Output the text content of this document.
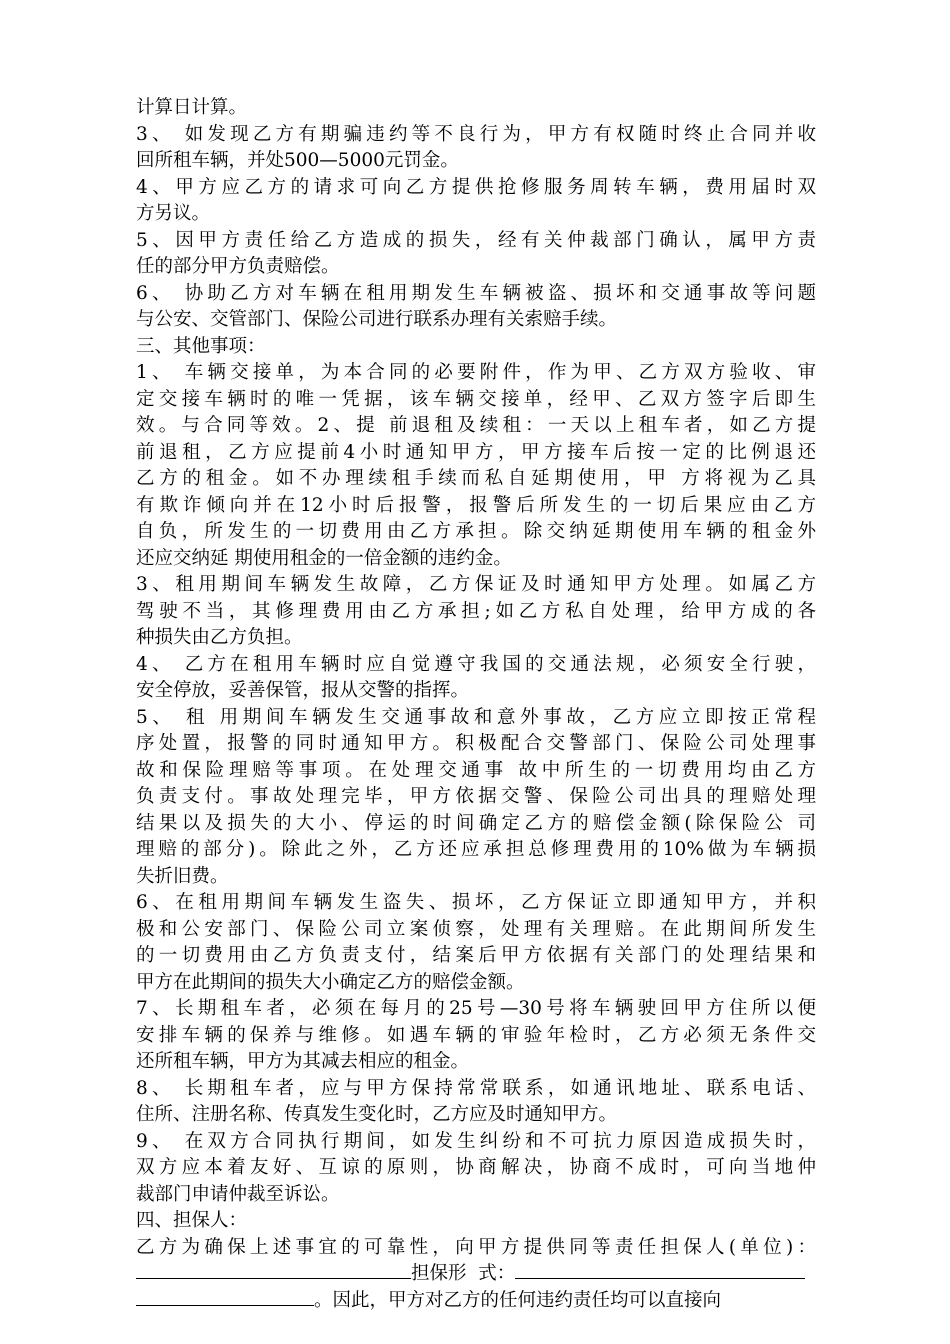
计算日计算。
3、 如发现乙方有期骗违约等不良行为，甲方有权随时终止合同并收
回所租车辆，并处500—5000元罚金。
4、甲方应乙方的请求可向乙方提供抢修服务周转车辆，费用届时双
方另议。
5、因甲方责任给乙方造成的损失，经有关仲裁部门确认，属甲方责
任的部分甲方负责赔偿。
6、 协助乙方对车辆在租用期发生车辆被盗、损坏和交通事故等问题
与公安、交管部门、保险公司进行联系办理有关索赔手续。
三、其他事项：
1、 车辆交接单，为本合同的必要附件，作为甲、乙方双方验收、审
定交接车辆时的唯一凭据，该车辆交接单，经甲、乙双方签字后即生
效。与合同等效。2、提 前退租及续租：一天以上租车者，如乙方提
前退租，乙方应提前4小时通知甲方，甲方接车后按一定的比例退还
乙方的租金。如不办理续租手续而私自延期使用，甲 方将视为乙具
有欺诈倾向并在12小时后报警，报警后所发生的一切后果应由乙方
自负，所发生的一切费用由乙方承担。除交纳延期使用车辆的租金外
还应交纳延 期使用租金的一倍金额的违约金。
3、租用期间车辆发生故障，乙方保证及时通知甲方处理。如属乙方
驾驶不当，其修理费用由乙方承担;如乙方私自处理，给甲方成的各
种损失由乙方负担。
4、 乙方在租用车辆时应自觉遵守我国的交通法规，必须安全行驶，
安全停放，妥善保管，报从交警的指挥。
5、 租 用期间车辆发生交通事故和意外事故，乙方应立即按正常程
序处置，报警的同时通知甲方。积极配合交警部门、保险公司处理事
故和保险理赔等事项。在处理交通事 故中所生的一切费用均由乙方
负责支付。事故处理完毕，甲方依据交警、保险公司出具的理赔处理
结果以及损失的大小、停运的时间确定乙方的赔偿金额(除保险公 司
理赔的部分)。除此之外，乙方还应承担总修理费用的10%做为车辆损
失折旧费。
6、在租用期间车辆发生盗失、损坏，乙方保证立即通知甲方，并积
极和公安部门、保险公司立案侦察，处理有关理赔。在此期间所发生
的一切费用由乙方负责支付，结案后甲方依据有关部门的处理结果和
甲方在此期间的损失大小确定乙方的赔偿金额。
7、长期租车者，必须在每月的25号—30号将车辆驶回甲方住所以便
安排车辆的保养与维修。如遇车辆的审验年检时，乙方必须无条件交
还所租车辆，甲方为其减去相应的租金。
8、 长期租车者，应与甲方保持常常联系，如通讯地址、联系电话、
住所、注册名称、传真发生变化时，乙方应及时通知甲方。
9、 在双方合同执行期间，如发生纠纷和不可抗力原因造成损失时，
双方应本着友好、互谅的原则，协商解决，协商不成时，可向当地仲
裁部门申请仲裁至诉讼。
四、担保人：
乙方为确保上述事宜的可靠性，向甲方提供同等责任担保人(单位)：
担保形  式：
。因此，甲方对乙方的任何违约责任均可以直接向
